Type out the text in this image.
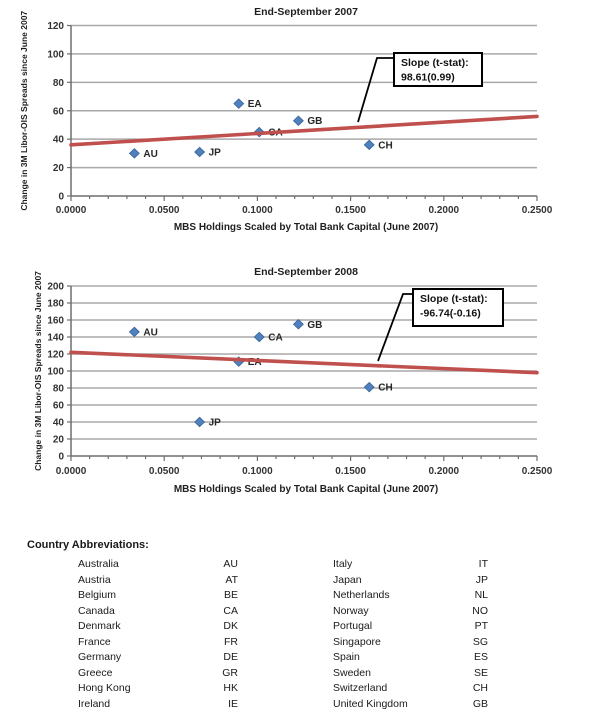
0
20
40
60
80
100
120
0.0000	0.0500	0.1000	0.1500	0.2000	0.2500
End-September 2007
MBS Holdings Scaled by Total Bank Capital (June 2007)
Change in 3M Libor-OIS Spreads since June 2007	AU	JP
EA
GB
CH
Slope (t-stat):
98.61(0.99)
0
20
40
60
80
100
120
140
160
180
200
0.0000	0.0500	0.1000	0.1500	0.2000	0.2500
End-September 2008
MBS Holdings Scaled by Total Bank Capital (June 2007)
Change in 3M Libor-OIS Spreads since June 2007	AU
JP
EA
CA
GB
CH
Slope (t-stat):
-96.74(-0.16)
Country Abbreviations:
Australia	AU	Italy	IT
Austria	AT	Japan	JP
Belgium	BE	Netherlands	NL
Canada	CA	Norway	NO
Denmark	DK	Portugal	PT
France	FR	Singapore	SG
Germany	DE	Spain	ES
Greece	GR	Sweden	SE
Hong Kong	HK	Switzerland	CH
Ireland	IE	United Kingdom	GB
